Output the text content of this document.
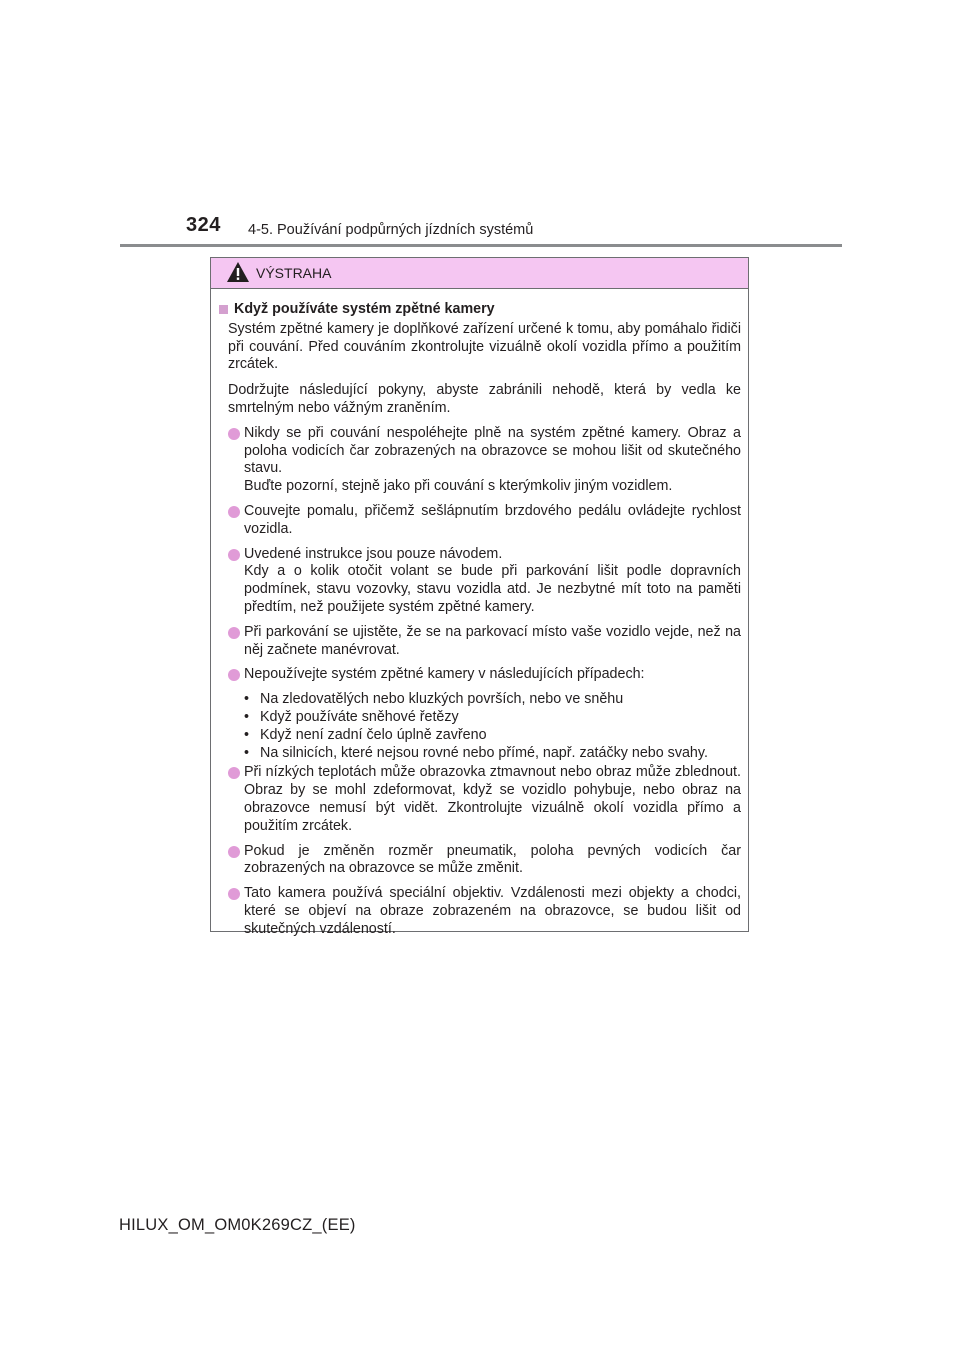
324 4-5. Používání podpůrných jízdních systémů
VÝSTRAHA
Když používáte systém zpětné kamery

Systém zpětné kamery je doplňkové zařízení určené k tomu, aby pomáhalo řidiči při couvání. Před couváním zkontrolujte vizuálně okolí vozidla přímo a použitím zrcátek.

Dodržujte následující pokyny, abyste zabránili nehodě, která by vedla ke smrtelným nebo vážným zraněním.

Nikdy se při couvání nespoléhejte plně na systém zpětné kamery. Obraz a poloha vodicích čar zobrazených na obrazovce se mohou lišit od skutečného stavu.

Buďte pozorní, stejně jako při couvání s kterýmkoliv jiným vozidlem.

Couvejte pomalu, přičemž sešlápnutím brzdového pedálu ovládejte rychlost vozidla.

Uvedené instrukce jsou pouze návodem.

Kdy a o kolik otočit volant se bude při parkování lišit podle dopravních podmínek, stavu vozovky, stavu vozidla atd. Je nezbytné mít toto na paměti předtím, než použijete systém zpětné kamery.

Při parkování se ujistěte, že se na parkovací místo vaše vozidlo vejde, než na něj začnete manévrovat.

Nepoužívejte systém zpětné kamery v následujících případech:

• Na zledovatělých nebo kluzkých površích, nebo ve sněhu
• Když používáte sněhové řetězy
• Když není zadní čelo úplně zavřeno
• Na silnicích, které nejsou rovné nebo přímé, např. zatáčky nebo svahy.

Při nízkých teplotách může obrazovka ztmavnout nebo obraz může zblednout. Obraz by se mohl zdeformovat, když se vozidlo pohybuje, nebo obraz na obrazovce nemusí být vidět. Zkontrolujte vizuálně okolí vozidla přímo a použitím zrcátek.

Pokud je změněn rozměr pneumatik, poloha pevných vodicích čar zobrazených na obrazovce se může změnit.

Tato kamera používá speciální objektiv. Vzdálenosti mezi objekty a chodci, které se objeví na obraze zobrazeném na obrazovce, se budou lišit od skutečných vzdáleností.

HILUX_OM_OM0K269CZ_(EE)
